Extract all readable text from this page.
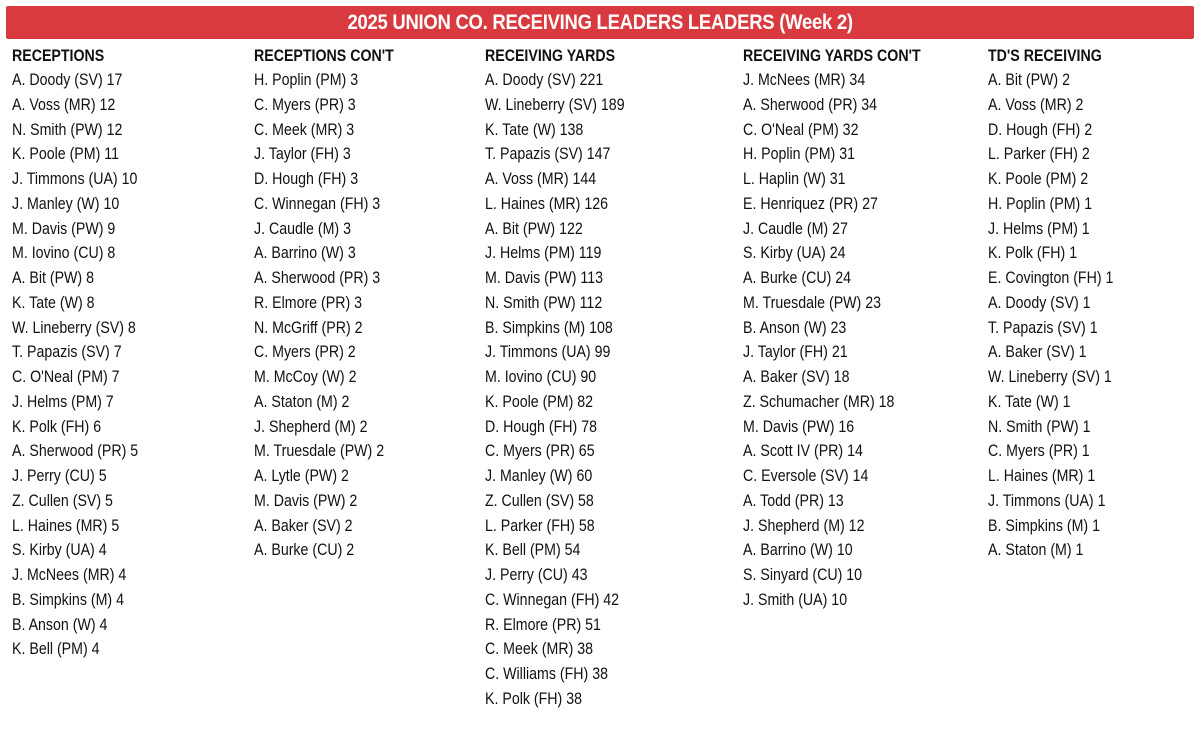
2025 UNION CO. RECEIVING LEADERS LEADERS (Week 2)
RECEPTIONS
A. Doody (SV) 17
A. Voss (MR) 12
N. Smith (PW) 12
K. Poole (PM) 11
J. Timmons (UA) 10
J. Manley (W) 10
M. Davis (PW) 9
M. Iovino (CU) 8
A. Bit (PW) 8
K. Tate (W) 8
W. Lineberry (SV) 8
T. Papazis (SV) 7
C. O'Neal (PM) 7
J. Helms (PM) 7
K. Polk (FH) 6
A. Sherwood (PR) 5
J. Perry (CU) 5
Z. Cullen (SV) 5
L. Haines (MR) 5
S. Kirby (UA) 4
J. McNees (MR) 4
B. Simpkins (M) 4
B. Anson (W) 4
K. Bell (PM) 4
RECEPTIONS CON'T
H. Poplin (PM) 3
C. Myers (PR) 3
C. Meek (MR) 3
J. Taylor (FH) 3
D. Hough (FH) 3
C. Winnegan (FH) 3
J. Caudle (M) 3
A. Barrino (W) 3
A. Sherwood (PR) 3
R. Elmore (PR) 3
N. McGriff (PR) 2
C. Myers (PR) 2
M. McCoy (W) 2
A. Staton (M) 2
J. Shepherd (M) 2
M. Truesdale (PW) 2
A. Lytle (PW) 2
M. Davis (PW) 2
A. Baker (SV) 2
A. Burke (CU) 2
RECEIVING YARDS
A. Doody (SV) 221
W. Lineberry (SV) 189
K. Tate (W) 138
T. Papazis (SV) 147
A. Voss (MR) 144
L. Haines (MR) 126
A. Bit (PW) 122
J. Helms (PM) 119
M. Davis (PW) 113
N. Smith (PW) 112
B. Simpkins (M) 108
J. Timmons (UA) 99
M. Iovino (CU) 90
K. Poole (PM) 82
D. Hough (FH) 78
C. Myers (PR) 65
J. Manley (W) 60
Z. Cullen (SV) 58
L. Parker (FH) 58
K. Bell (PM) 54
J. Perry (CU) 43
C. Winnegan (FH) 42
R. Elmore (PR) 51
C. Meek (MR) 38
C. Williams (FH) 38
K. Polk (FH) 38
RECEIVING YARDS CON'T
J. McNees (MR) 34
A. Sherwood (PR) 34
C. O'Neal (PM) 32
H. Poplin (PM) 31
L. Haplin (W) 31
E. Henriquez (PR) 27
J. Caudle (M) 27
S. Kirby (UA) 24
A. Burke (CU) 24
M. Truesdale (PW) 23
B. Anson (W) 23
J. Taylor (FH) 21
A. Baker (SV) 18
Z. Schumacher (MR) 18
M. Davis (PW) 16
A. Scott IV (PR) 14
C. Eversole (SV) 14
A. Todd (PR) 13
J. Shepherd (M) 12
A. Barrino (W) 10
S. Sinyard (CU) 10
J. Smith (UA) 10
TD'S RECEIVING
A. Bit (PW) 2
A. Voss (MR) 2
D. Hough (FH) 2
L. Parker (FH) 2
K. Poole (PM) 2
H. Poplin (PM) 1
J. Helms (PM) 1
K. Polk (FH) 1
E. Covington (FH) 1
A. Doody (SV) 1
T. Papazis (SV) 1
A. Baker (SV) 1
W. Lineberry (SV) 1
K. Tate (W) 1
N. Smith (PW) 1
C. Myers (PR) 1
L. Haines (MR) 1
J. Timmons (UA) 1
B. Simpkins (M) 1
A. Staton (M) 1
